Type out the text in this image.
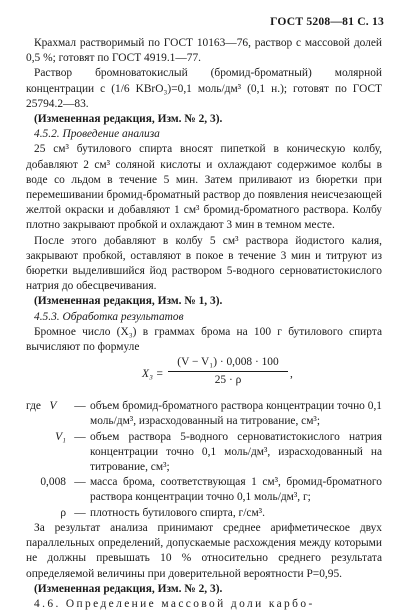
ГОСТ 5208—81 С. 13

Крахмал растворимый по ГОСТ 10163—76, раствор с массовой долей 0,5 %; готовят по ГОСТ 4919.1—77.

Раствор бромноватокислый (бромид-броматный) молярной концентрации c (1/6 KBrO₃)=0,1 моль/дм³ (0,1 н.); готовят по ГОСТ 25794.2—83.

(Измененная редакция, Изм. № 2, 3).

4.5.2. Проведение анализа

25 см³ бутилового спирта вносят пипеткой в коническую колбу, добавляют 2 см³ соляной кислоты и охлаждают содержимое колбы в воде со льдом в течение 5 мин. Затем приливают из бюретки при перемешивании бромид-броматный раствор до появления неисчезающей желтой окраски и добавляют 1 см³ бромид-броматного раствора. Колбу плотно закрывают пробкой и охлаждают 3 мин в темном месте.

После этого добавляют в колбу 5 см³ раствора йодистого калия, закрывают пробкой, оставляют в покое в течение 3 мин и титруют из бюретки выделившийся йод раствором 5-водного серноватистокислого натрия до обесцвечивания.

(Измененная редакция, Изм. № 1, 3).

4.5.3. Обработка результатов

Бромное число (X₃) в граммах брома на 100 г бутилового спирта вычисляют по формуле

$X_3 = \frac{\text{(V − V₁) · 0,008 · 100}}{25 \cdot \rho}$ ,
где V	— объем бромид-броматного раствора концентрации точно 0,1 моль/дм³, израсходованный на титрование, см³;
V₁ — объем раствора 5-водного серноватистокислого натрия концентрации точно 0,1 моль/дм³, израсходованный на титрование, см³;
0,008 — масса брома, соответствующая 1 см³, бромид-броматного раствора концентрации точно 0,1 моль/дм³, г;
ρ — плотность бутилового спирта, г/см³.

За результат анализа принимают среднее арифметическое двух параллельных определений, допускаемые расхождения между которыми не должны превышать 10 % относительно среднего результата определяемой величины при доверительной вероятности P=0,95.

(Измененная редакция, Изм. № 2, 3).

4.6. Определение массовой доли карбо-
